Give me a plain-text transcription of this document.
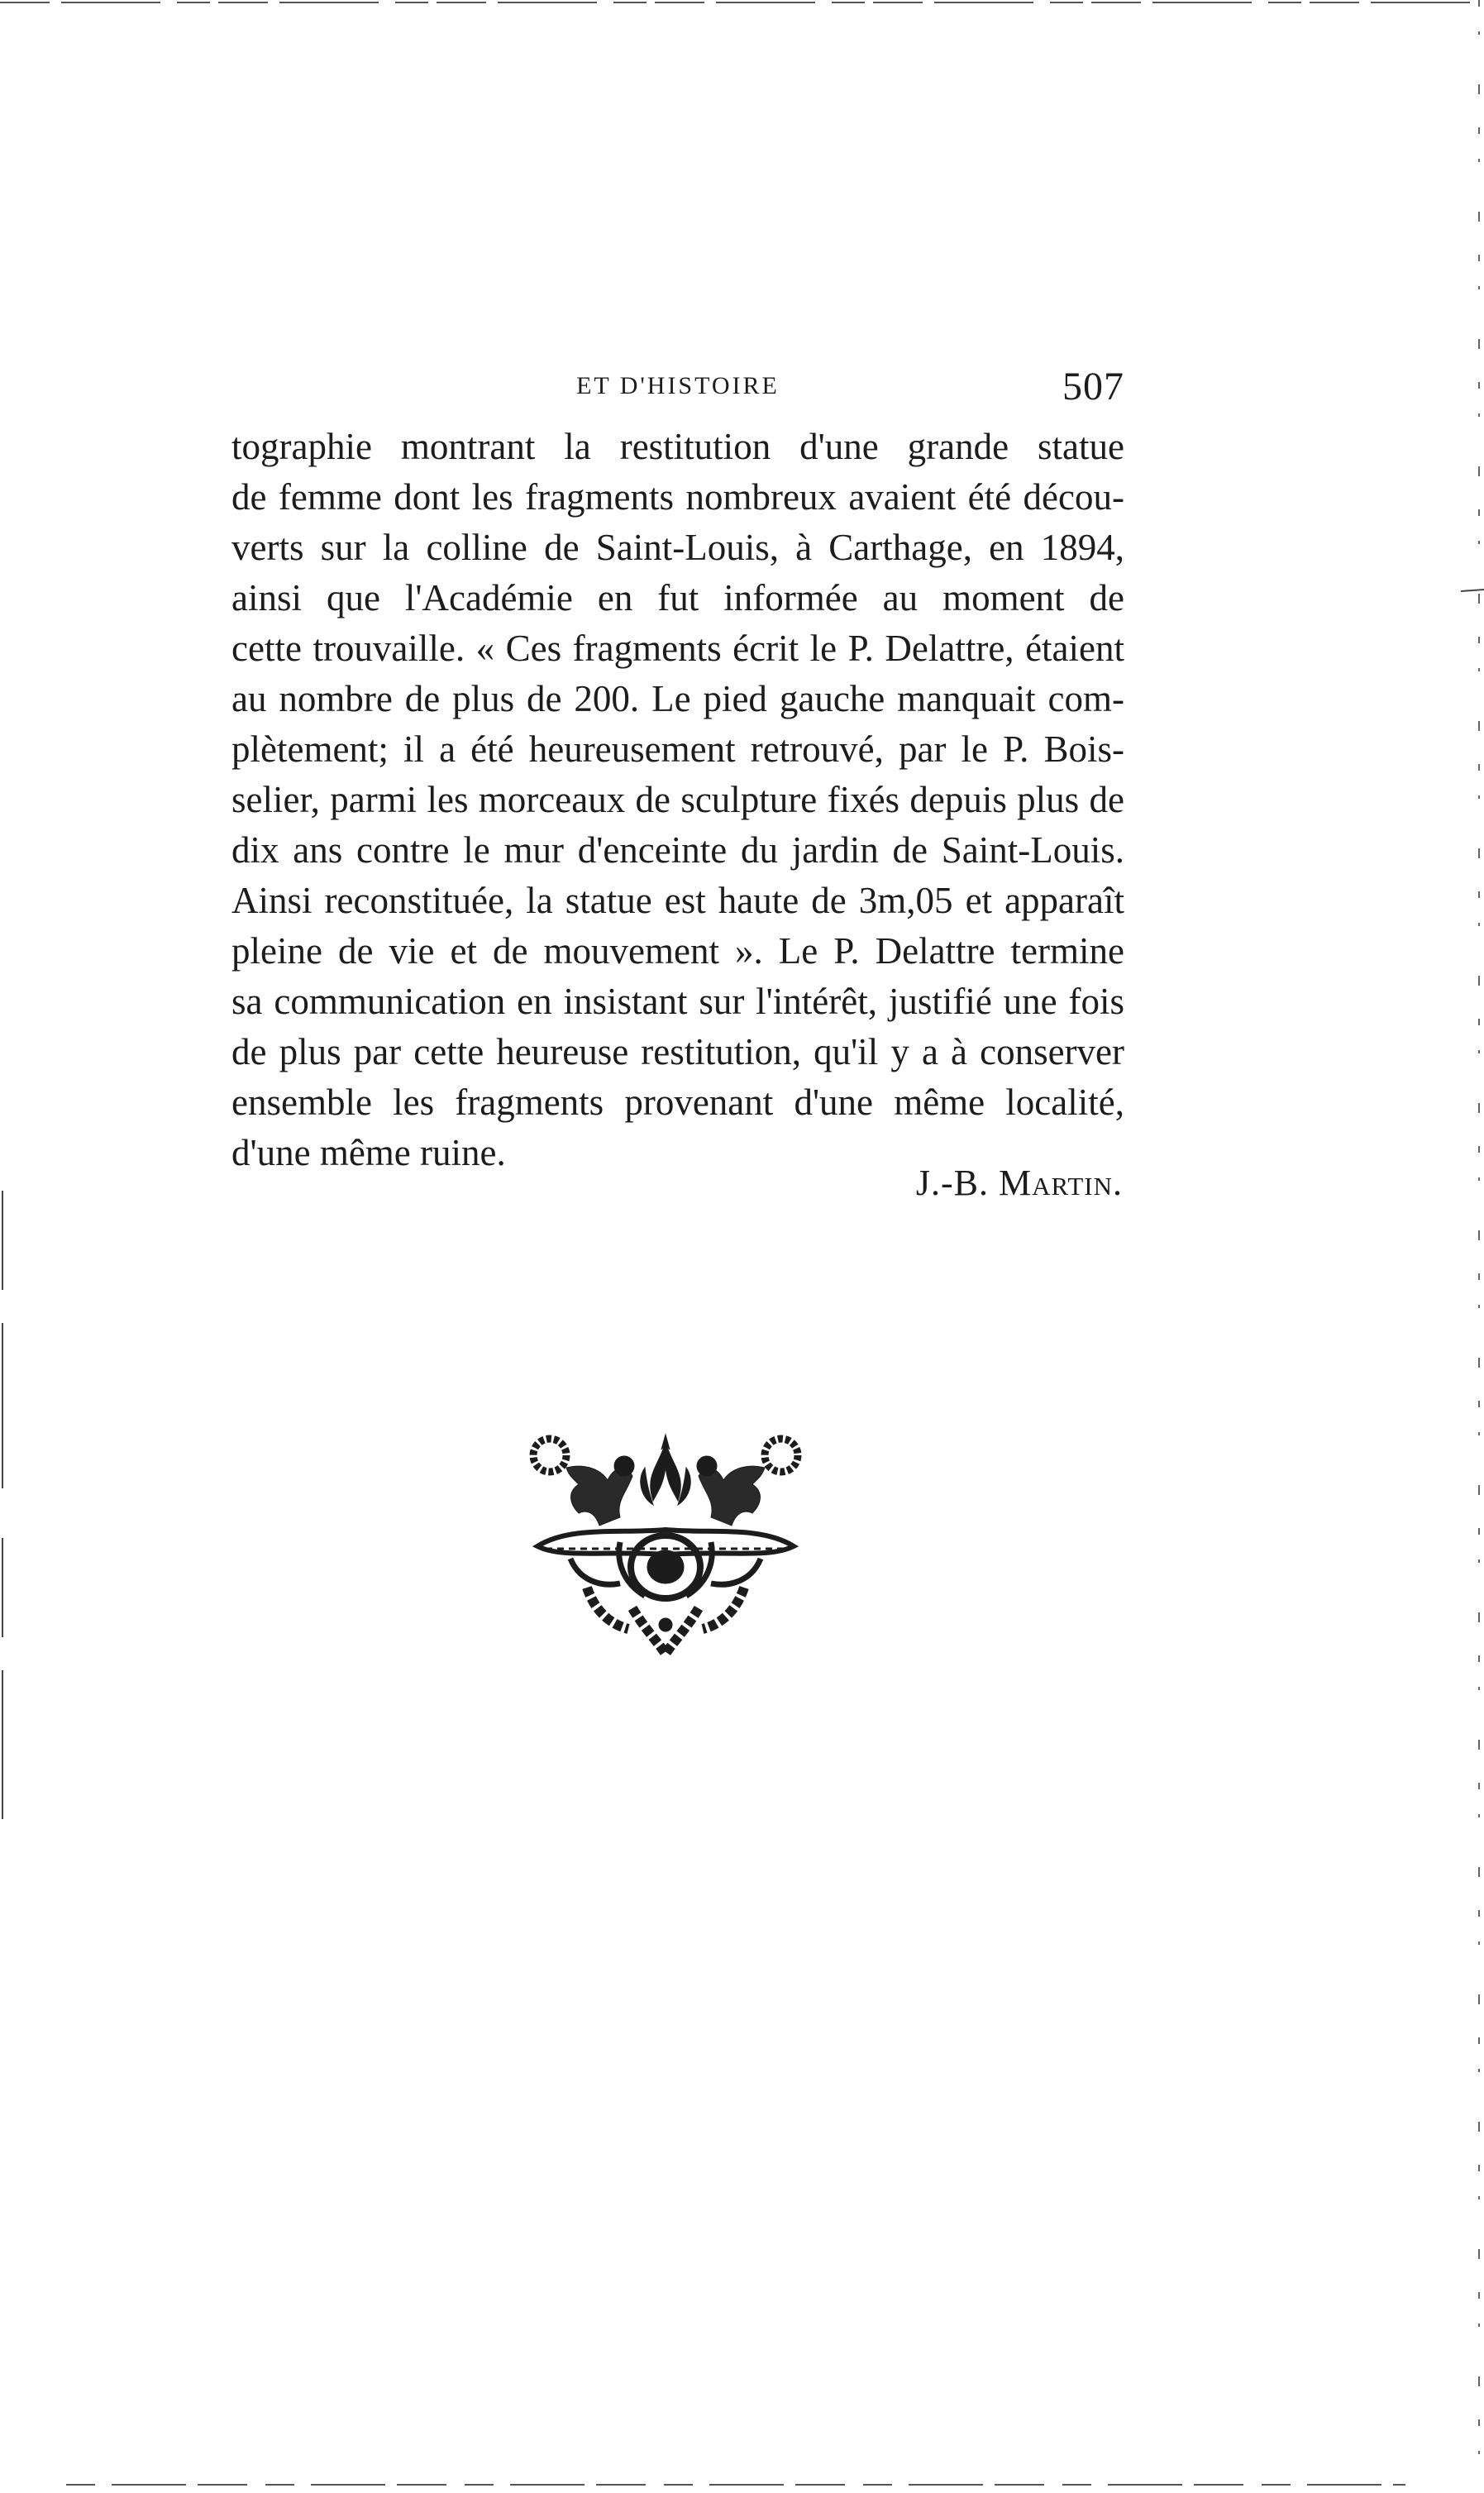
ET D'HISTOIRE	507
tographie montrant la restitution d'une grande statue
de femme dont les fragments nombreux avaient été décou-
verts sur la colline de Saint-Louis, à Carthage, en 1894,
ainsi que l'Académie en fut informée au moment de
cette trouvaille. « Ces fragments écrit le P. Delattre, étaient
au nombre de plus de 200. Le pied gauche manquait com-
plètement; il a été heureusement retrouvé, par le P. Bois-
selier, parmi les morceaux de sculpture fixés depuis plus de
dix ans contre le mur d'enceinte du jardin de Saint-Louis.
Ainsi reconstituée, la statue est haute de 3m,05 et apparaît
pleine de vie et de mouvement ». Le P. Delattre termine
sa communication en insistant sur l'intérêt, justifié une fois
de plus par cette heureuse restitution, qu'il y a à conserver
ensemble les fragments provenant d'une même localité,
d'une même ruine.
J.-B. Martin.
